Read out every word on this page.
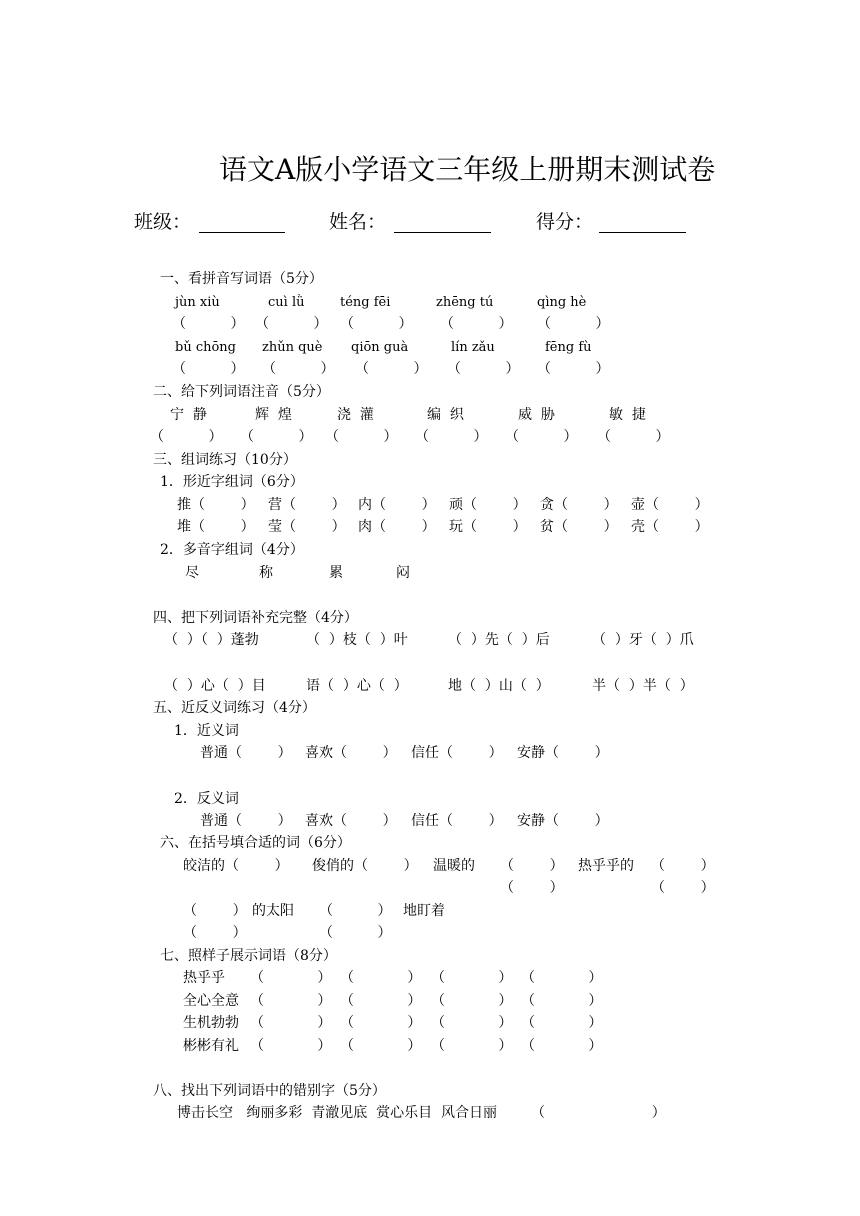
语文A版小学语文三年级上册期末测试卷
班级：	姓名：	得分：
一、看拼音写词语（5分）
jùn xiù	cuì lǜ	téng fēi	zhēng tú	qìng hè
（          ） （          ） （          ） （          ） （          ）
bǔ chōng zhǔn què qiōn guà	lín zǎu	fēng fù
（          ） （          ） （          ） （          ） （          ）
二、给下列词语注音（5分）
宁  静	辉  煌	浇  灌	编  织	威  胁	敏  捷
（          ） （          ） （          ） （          ） （          ） （          ）
三、组词练习（10分）
1．形近字组词（6分）
推（        ） 营（        ） 内（        ） 顽（        ） 贪（        ） 壶（        ）
堆（        ） 莹（        ） 肉（        ） 玩（        ） 贫（        ） 壳（        ）
2．多音字组词（4分）
尽	称	累	闷
四、把下列词语补充完整（4分）
（  ）（  ）蓬勃	（  ）枝（  ）叶	（  ）先（  ）后	（  ）牙（  ）爪
（  ）心（  ）目	语（  ）心（  ）	地（  ）山（  ）	半（  ）半（  ）
五、近反义词练习（4分）
1．近义词
普通（        ） 喜欢（        ） 信任（        ） 安静（        ）
2．反义词
普通（        ） 喜欢（        ） 信任（        ） 安静（        ）
六、在括号填合适的词（6分）
皎洁的（        ） 俊俏的（        ） 温暖的 （        ） 热乎乎的 （        ）
（        ）	（        ）
（        ） 的太阳 （          ） 地盯着
（        ）	（          ）
七、照样子展示词语（8分）
热乎乎 （            ） （            ） （            ） （            ）
全心全意 （            ） （            ） （            ） （            ）
生机勃勃 （            ） （            ） （            ） （            ）
彬彬有礼 （            ） （            ） （            ） （            ）
八、找出下列词语中的错别字（5分）
博击长空   绚丽多彩  青澈见底  赏心乐目  风合日丽 （                        ）
